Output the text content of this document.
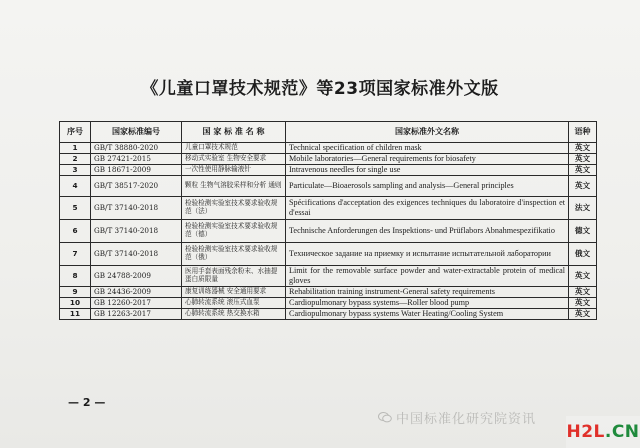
《儿童口罩技术规范》等23项国家标准外文版
序号	国家标准编号	国 家 标 准 名 称	国家标准外文名称	语种
1	GB/T 38880-2020	儿童口罩技术规范	Technical specification of children mask	英文
2	GB 27421-2015	移动式实验室 生物安全要求	Mobile laboratories—General requirements for biosafety	英文
3	GB 18671-2009	一次性使用静脉输液针	Intravenous needles for single use	英文
4	GB/T 38517-2020	颗粒 生物气溶胶采样和分析 通则	Particulate—Bioaerosols sampling and analysis—General principles	英文
5	GB/T 37140-2018	检验检测实验室技术要求验收规范（法）	Spécifications d'acceptation des exigences techniques du laboratoire d'inspection et d'essai	法文
6	GB/T 37140-2018	检验检测实验室技术要求验收规范（德）	Technische Anforderungen des Inspektions- und Prüflabors Abnahmespezifikatio	德文
7	GB/T 37140-2018	检验检测实验室技术要求验收规范（俄）	Техническое задание на приемку и испытание испытательной лаборатории	俄文
8	GB 24788-2009	医用手套表面残余粉末、水抽提蛋白质限量	Limit for the removable surface powder and water-extractable protein of medical gloves	英文
9	GB 24436-2009	康复训练器械 安全通用要求	Rehabilitation training instrument-General safety requirements	英文
10	GB 12260-2017	心肺转流系统 滚压式血泵	Cardiopulmonary bypass systems—Roller blood pump	英文
11	GB 12263-2017	心肺转流系统 热交换水箱	Cardiopulmonary bypass systems Water Heating/Cooling System	英文
— 2 —
中国标准化研究院资讯
H2L .CN
